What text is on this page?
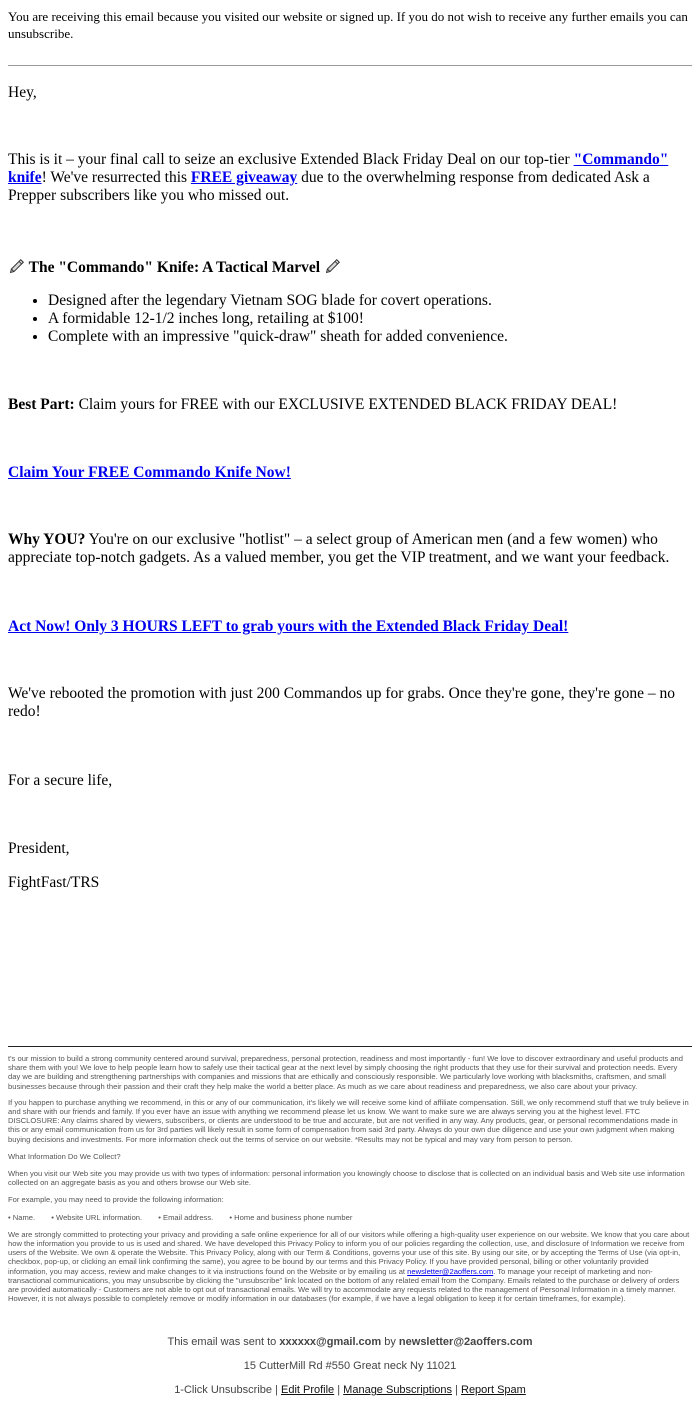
You are receiving this email because you visited our website or signed up. If you do not wish to receive any further emails you can unsubscribe.
Hey,
This is it – your final call to seize an exclusive Extended Black Friday Deal on our top-tier "Commando" knife! We've resurrected this FREE giveaway due to the overwhelming response from dedicated Ask a Prepper subscribers like you who missed out.
The "Commando" Knife: A Tactical Marvel
• Designed after the legendary Vietnam SOG blade for covert operations.
• A formidable 12-1/2 inches long, retailing at $100!
• Complete with an impressive "quick-draw" sheath for added convenience.
Best Part: Claim yours for FREE with our EXCLUSIVE EXTENDED BLACK FRIDAY DEAL!
Claim Your FREE Commando Knife Now!
Why YOU? You're on our exclusive "hotlist" – a select group of American men (and a few women) who appreciate top-notch gadgets. As a valued member, you get the VIP treatment, and we want your feedback.
Act Now! Only 3 HOURS LEFT to grab yours with the Extended Black Friday Deal!
We've rebooted the promotion with just 200 Commandos up for grabs. Once they're gone, they're gone – no redo!
For a secure life,
President,
FightFast/TRS

t's our mission to build a strong community centered around survival, preparedness, personal protection, readiness and most importantly - fun! We love to discover extraordinary and useful products and share them with you! We love to help people learn how to safely use their tactical gear at the next level by simply choosing the right products that they use for their survival and protection needs. Every day we are building and strengthening partnerships with companies and missions that are ethically and consciously responsible. We particularly love working with blacksmiths, craftsmen, and small businesses because through their passion and their craft they help make the world a better place. As much as we care about readiness and preparedness, we also care about your privacy.

If you happen to purchase anything we recommend, in this or any of our communication, it's likely we will receive some kind of affiliate compensation. Still, we only recommend stuff that we truly believe in and share with our friends and family. If you ever have an issue with anything we recommend please let us know. We want to make sure we are always serving you at the highest level. FTC DISCLOSURE: Any claims shared by viewers, subscribers, or clients are understood to be true and accurate, but are not verified in any way. Any products, gear, or personal recommendations made in this or any email communication from us for 3rd parties will likely result in some form of compensation from said 3rd party. Always do your own due diligence and use your own judgment when making buying decisions and investments. For more information check out the terms of service on our website. *Results may not be typical and may vary from person to person.

What Information Do We Collect?

When you visit our Web site you may provide us with two types of information: personal information you knowingly choose to disclose that is collected on an individual basis and Web site use information collected on an aggregate basis as you and others browse our Web site.

For example, you may need to provide the following information:

• Name. • Website URL information. • Email address. • Home and business phone number

We are strongly committed to protecting your privacy and providing a safe online experience for all of our visitors while offering a high-quality user experience on our website. We know that you care about how the information you provide to us is used and shared. We have developed this Privacy Policy to inform you of our policies regarding the collection, use, and disclosure of Information we receive from users of the Website. We own & operate the Website. This Privacy Policy, along with our Term & Conditions, governs your use of this site. By using our site, or by accepting the Terms of Use (via opt-in, checkbox, pop-up, or clicking an email link confirming the same), you agree to be bound by our terms and this Privacy Policy. If you have provided personal, billing or other voluntarily provided information, you may access, review and make changes to it via instructions found on the Website or by emailing us at newsletter@2aoffers.com. To manage your receipt of marketing and non-transactional communications, you may unsubscribe by clicking the "unsubscribe" link located on the bottom of any related email from the Company. Emails related to the purchase or delivery of orders are provided automatically - Customers are not able to opt out of transactional emails. We will try to accommodate any requests related to the management of Personal Information in a timely manner. However, it is not always possible to completely remove or modify information in our databases (for example, if we have a legal obligation to keep it for certain timeframes, for example).

This email was sent to xxxxxx@gmail.com by newsletter@2aoffers.com
15 CutterMill Rd #550 Great neck Ny 11021
1-Click Unsubscribe | Edit Profile | Manage Subscriptions | Report Spam
